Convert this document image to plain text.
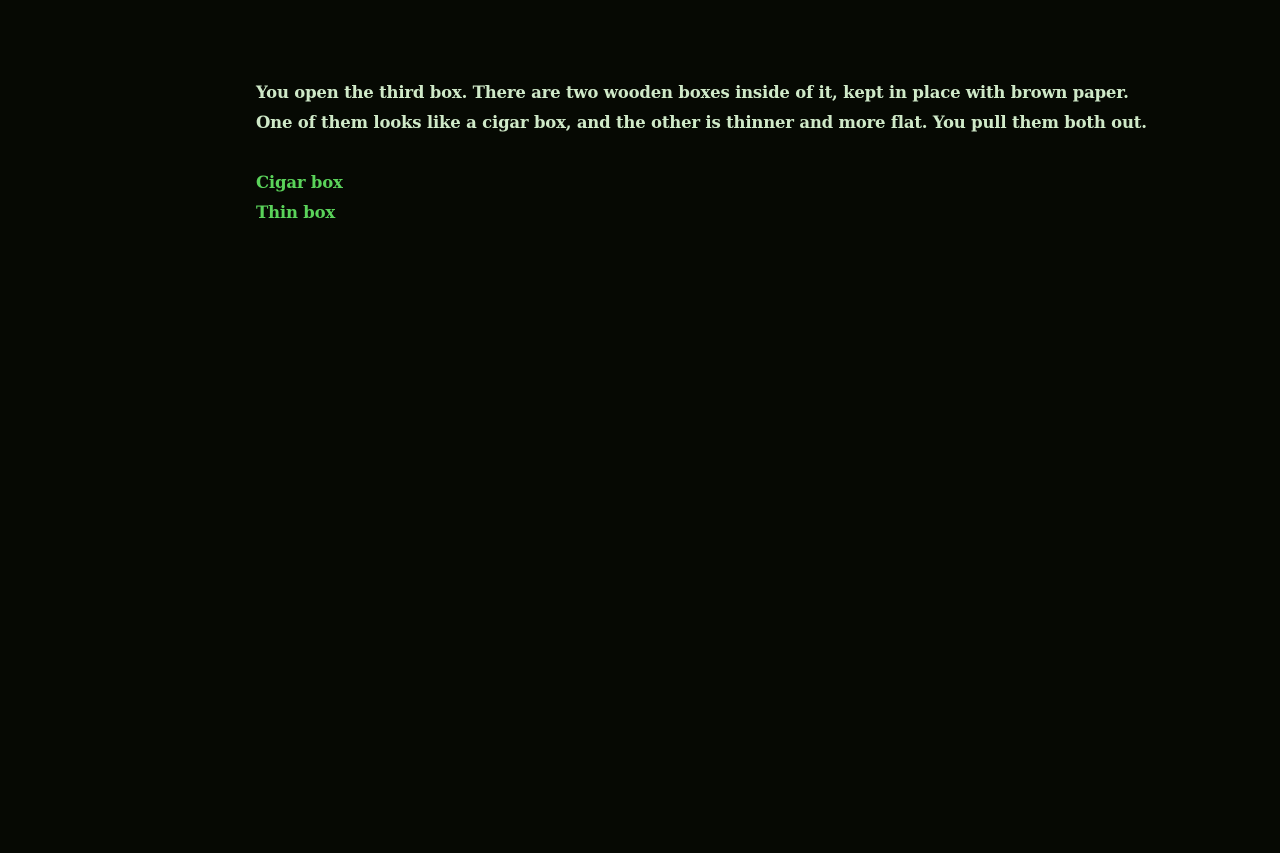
You open the third box. There are two wooden boxes inside of it, kept in place with brown paper.
One of them looks like a cigar box, and the other is thinner and more flat. You pull them both out.
Cigar box
Thin box
